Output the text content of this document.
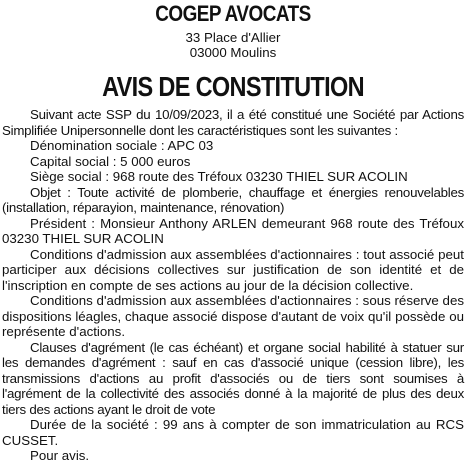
COGEP AVOCATS

33 Place d'Allier

03000 Moulins

AVIS DE CONSTITUTION

Suivant acte SSP du 10/09/2023, il a été constitué une Société par Actions Simplifiée Unipersonnelle dont les caractéristiques sont les suivantes :

Dénomination sociale : APC 03

Capital social : 5 000 euros

Siège social : 968 route des Tréfoux 03230 THIEL SUR ACOLIN

Objet : Toute activité de plomberie, chauffage et énergies renouvelables (installation, réparayion, maintenance, rénovation)

Président : Monsieur Anthony ARLEN demeurant 968 route des Tréfoux 03230 THIEL SUR ACOLIN

Conditions d'admission aux assemblées d'actionnaires : tout associé peut participer aux décisions collectives sur justification de son identité et de l'inscription en compte de ses actions au jour de la décision collective.

Conditions d'admission aux assemblées d'actionnaires : sous réserve des dispositions léagles, chaque associé dispose d'autant de voix qu'il possède ou représente d'actions.

Clauses d'agrément (le cas échéant) et organe social habilité à statuer sur les demandes d'agrément : sauf en cas d'associé unique (cession libre), les transmissions d'actions au profit d'associés ou de tiers sont soumises à l'agrément de la collectivité des associés donné à la majorité de plus des deux tiers des actions ayant le droit de vote

Durée de la société : 99 ans à compter de son immatriculation au RCS CUSSET.

Pour avis.
